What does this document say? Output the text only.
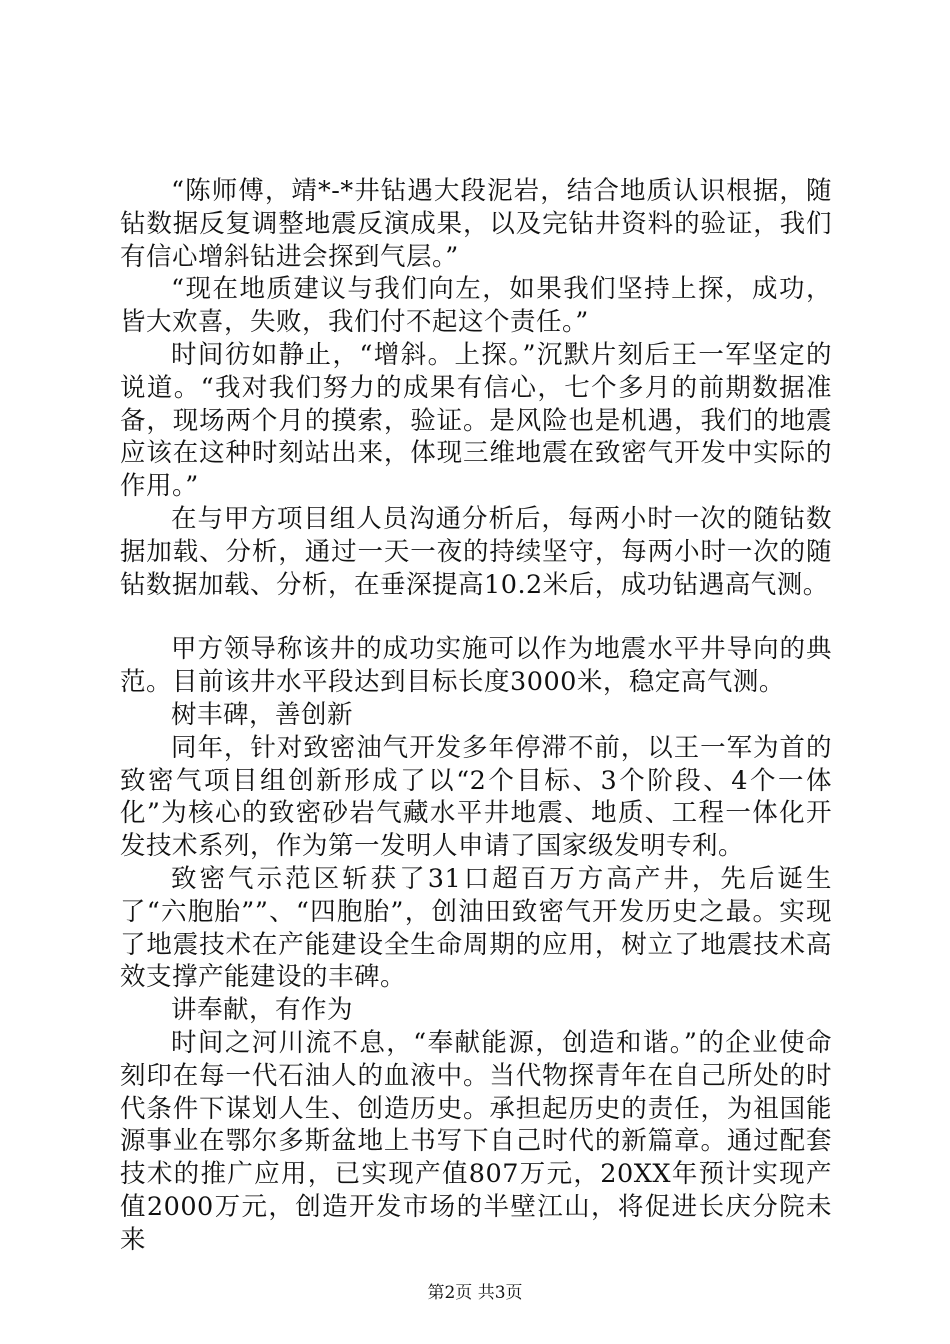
“陈师傅，靖*-*井钻遇大段泥岩，结合地质认识根据，随钻数据反复调整地震反演成果，以及完钻井资料的验证，我们有信心增斜钻进会探到气层。”

“现在地质建议与我们向左，如果我们坚持上探，成功，皆大欢喜，失败，我们付不起这个责任。”

时间彷如静止，“增斜。上探。”沉默片刻后王一军坚定的说道。“我对我们努力的成果有信心，七个多月的前期数据准备，现场两个月的摸索，验证。是风险也是机遇，我们的地震应该在这种时刻站出来，体现三维地震在致密气开发中实际的作用。”

在与甲方项目组人员沟通分析后，每两小时一次的随钻数据加载、分析，通过一天一夜的持续坚守，每两小时一次的随钻数据加载、分析，在垂深提高10.2米后，成功钻遇高气测。

甲方领导称该井的成功实施可以作为地震水平井导向的典范。目前该井水平段达到目标长度3000米，稳定高气测。

树丰碑，善创新

同年，针对致密油气开发多年停滞不前，以王一军为首的致密气项目组创新形成了以“2个目标、3个阶段、4个一体化”为核心的致密砂岩气藏水平井地震、地质、工程一体化开发技术系列，作为第一发明人申请了国家级发明专利。

致密气示范区斩获了31口超百万方高产井，先后诞生了“六胞胎””、“四胞胎”，创油田致密气开发历史之最。实现了地震技术在产能建设全生命周期的应用，树立了地震技术高效支撑产能建设的丰碑。

讲奉献，有作为

时间之河川流不息，“奉献能源，创造和谐。”的企业使命刻印在每一代石油人的血液中。当代物探青年在自己所处的时代条件下谋划人生、创造历史。承担起历史的责任，为祖国能源事业在鄂尔多斯盆地上书写下自己时代的新篇章。通过配套技术的推广应用，已实现产值807万元，20XX年预计实现产值2000万元，创造开发市场的半壁江山，将促进长庆分院未来

第2页 共3页
